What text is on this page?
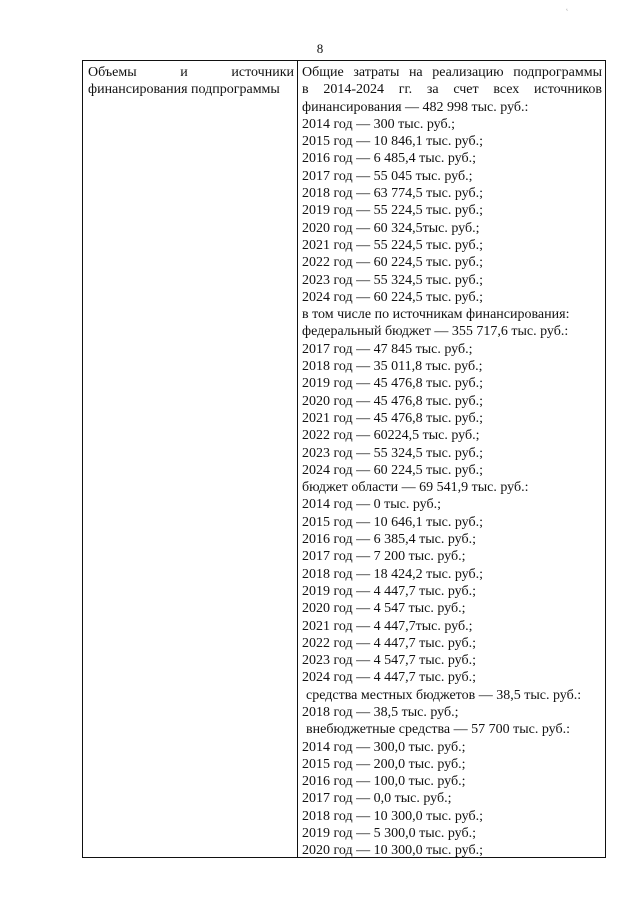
˛
8
Объемы	и	источники
финансирования подпрограммы
Общие затраты на реализацию подпрограммы
в 2014-2024 гг. за счет всех источников
финансирования — 482 998 тыс. руб.:
2014 год — 300 тыс. руб.;
2015 год — 10 846,1 тыс. руб.;
2016 год — 6 485,4 тыс. руб.;
2017 год — 55 045 тыс. руб.;
2018 год — 63 774,5 тыс. руб.;
2019 год — 55 224,5 тыс. руб.;
2020 год — 60 324,5тыс. руб.;
2021 год — 55 224,5 тыс. руб.;
2022 год — 60 224,5 тыс. руб.;
2023 год — 55 324,5 тыс. руб.;
2024 год — 60 224,5 тыс. руб.;
в том числе по источникам финансирования:
федеральный бюджет — 355 717,6 тыс. руб.:
2017 год — 47 845 тыс. руб.;
2018 год — 35 011,8 тыс. руб.;
2019 год — 45 476,8 тыс. руб.;
2020 год — 45 476,8 тыс. руб.;
2021 год — 45 476,8 тыс. руб.;
2022 год — 60224,5 тыс. руб.;
2023 год — 55 324,5 тыс. руб.;
2024 год — 60 224,5 тыс. руб.;
бюджет области — 69 541,9 тыс. руб.:
2014 год — 0 тыс. руб.;
2015 год — 10 646,1 тыс. руб.;
2016 год — 6 385,4 тыс. руб.;
2017 год — 7 200 тыс. руб.;
2018 год — 18 424,2 тыс. руб.;
2019 год — 4 447,7 тыс. руб.;
2020 год — 4 547 тыс. руб.;
2021 год — 4 447,7тыс. руб.;
2022 год — 4 447,7 тыс. руб.;
2023 год — 4 547,7 тыс. руб.;
2024 год — 4 447,7 тыс. руб.;
средства местных бюджетов — 38,5 тыс. руб.:
2018 год — 38,5 тыс. руб.;
внебюджетные средства — 57 700 тыс. руб.:
2014 год — 300,0 тыс. руб.;
2015 год — 200,0 тыс. руб.;
2016 год — 100,0 тыс. руб.;
2017 год — 0,0 тыс. руб.;
2018 год — 10 300,0 тыс. руб.;
2019 год — 5 300,0 тыс. руб.;
2020 год — 10 300,0 тыс. руб.;
